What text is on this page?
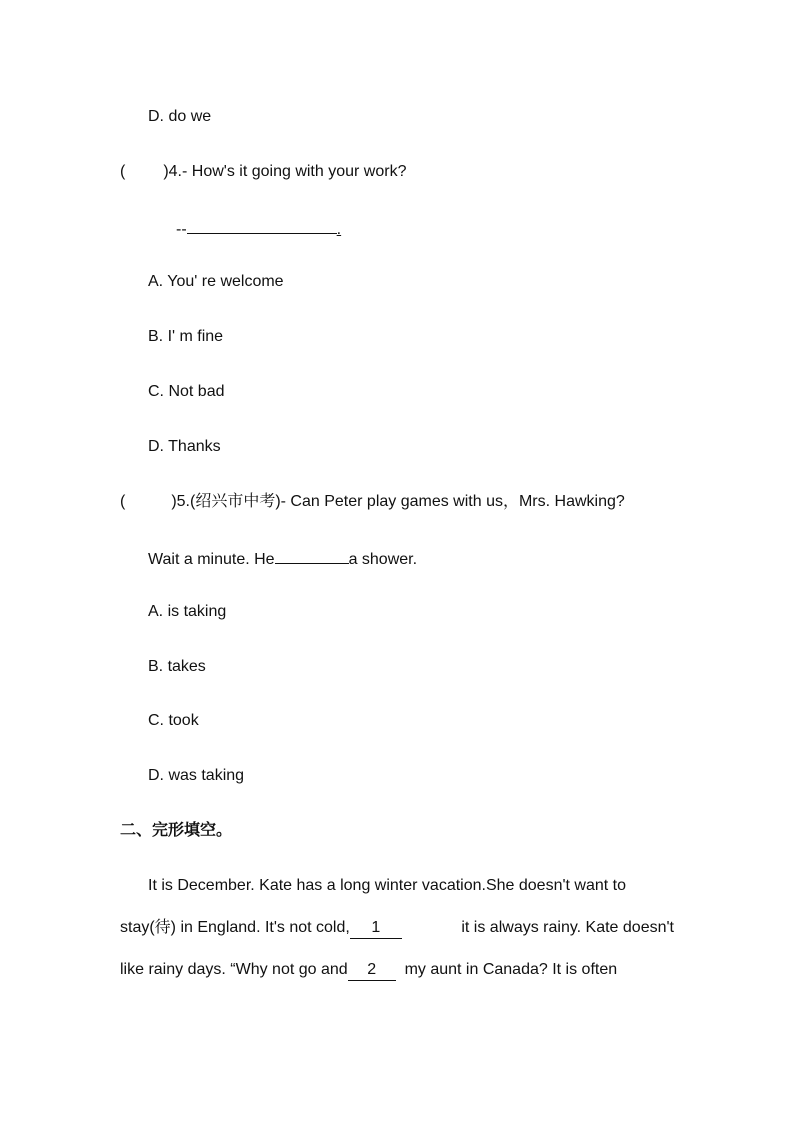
D. do we
( )4.- How's it going with your work?
--	.
A. You' re welcome
B. I' m fine
C. Not bad
D. Thanks
(	)5.(绍兴市中考)- Can Peter play games with us，Mrs. Hawking?
Wait a minute. He	a shower.
A. is taking
B. takes
C. took
D. was taking
二、完形填空。
It is December. Kate has a long winter vacation.She doesn't want to
stay(待) in England. It's not cold, 1	it is always rainy. Kate doesn't
like rainy days. “Why not go and 2 my aunt in Canada? It is often
